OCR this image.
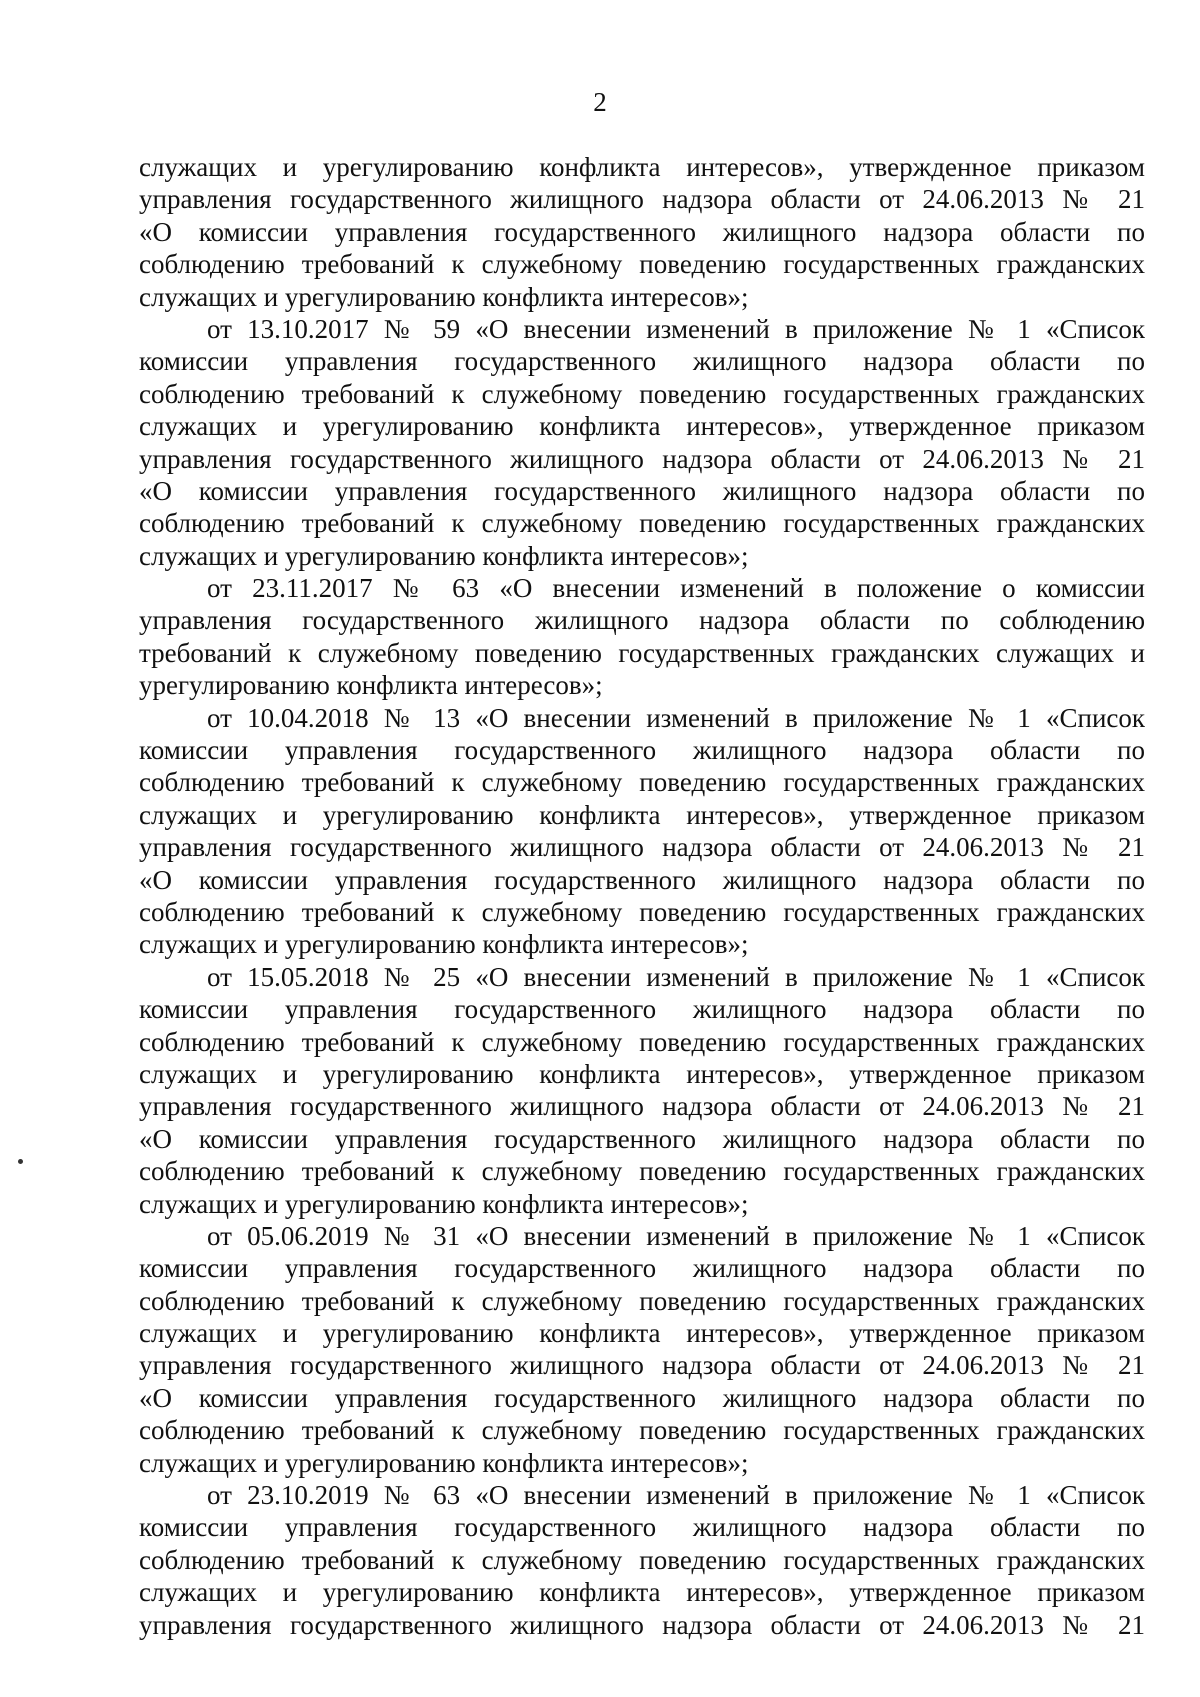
2
служащих и урегулированию конфликта интересов», утвержденное приказом
управления государственного жилищного надзора области от 24.06.2013 № 21
«О комиссии управления государственного жилищного надзора области по
соблюдению требований к служебному поведению государственных гражданских
служащих и урегулированию конфликта интересов»;
от 13.10.2017 № 59 «О внесении изменений в приложение № 1 «Список
комиссии управления государственного жилищного надзора области по
соблюдению требований к служебному поведению государственных гражданских
служащих и урегулированию конфликта интересов», утвержденное приказом
управления государственного жилищного надзора области от 24.06.2013 № 21
«О комиссии управления государственного жилищного надзора области по
соблюдению требований к служебному поведению государственных гражданских
служащих и урегулированию конфликта интересов»;
от 23.11.2017 № 63 «О внесении изменений в положение о комиссии
управления государственного жилищного надзора области по соблюдению
требований к служебному поведению государственных гражданских служащих и
урегулированию конфликта интересов»;
от 10.04.2018 № 13 «О внесении изменений в приложение № 1 «Список
комиссии управления государственного жилищного надзора области по
соблюдению требований к служебному поведению государственных гражданских
служащих и урегулированию конфликта интересов», утвержденное приказом
управления государственного жилищного надзора области от 24.06.2013 № 21
«О комиссии управления государственного жилищного надзора области по
соблюдению требований к служебному поведению государственных гражданских
служащих и урегулированию конфликта интересов»;
от 15.05.2018 № 25 «О внесении изменений в приложение № 1 «Список
комиссии управления государственного жилищного надзора области по
соблюдению требований к служебному поведению государственных гражданских
служащих и урегулированию конфликта интересов», утвержденное приказом
управления государственного жилищного надзора области от 24.06.2013 № 21
«О комиссии управления государственного жилищного надзора области по
соблюдению требований к служебному поведению государственных гражданских
служащих и урегулированию конфликта интересов»;
от 05.06.2019 № 31 «О внесении изменений в приложение № 1 «Список
комиссии управления государственного жилищного надзора области по
соблюдению требований к служебному поведению государственных гражданских
служащих и урегулированию конфликта интересов», утвержденное приказом
управления государственного жилищного надзора области от 24.06.2013 № 21
«О комиссии управления государственного жилищного надзора области по
соблюдению требований к служебному поведению государственных гражданских
служащих и урегулированию конфликта интересов»;
от 23.10.2019 № 63 «О внесении изменений в приложение № 1 «Список
комиссии управления государственного жилищного надзора области по
соблюдению требований к служебному поведению государственных гражданских
служащих и урегулированию конфликта интересов», утвержденное приказом
управления государственного жилищного надзора области от 24.06.2013 № 21
